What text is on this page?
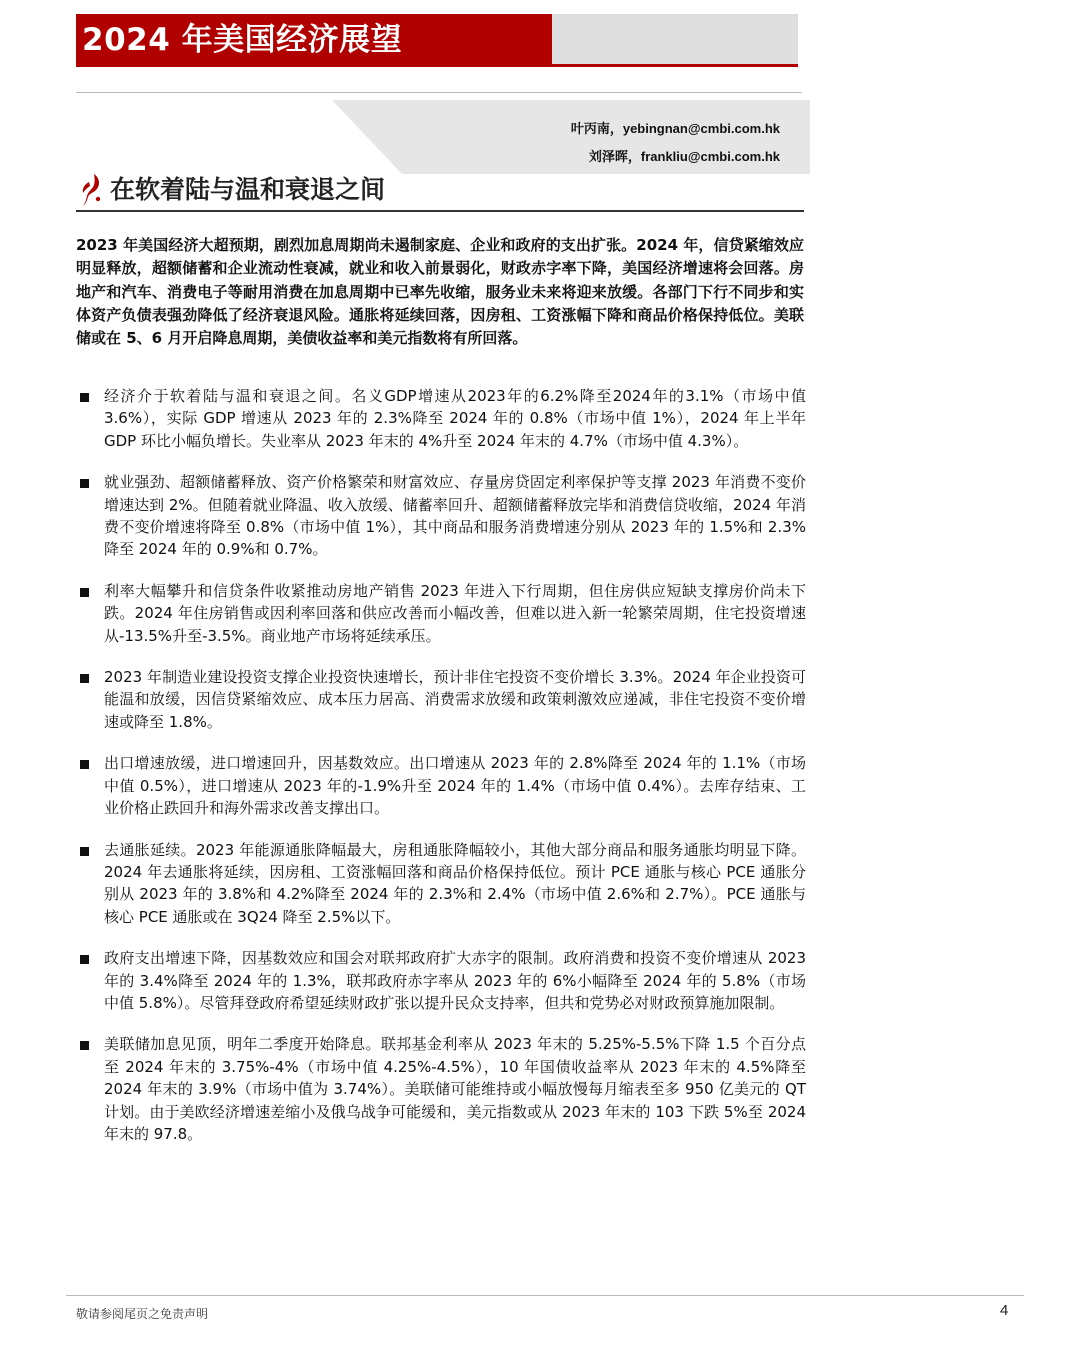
2024 年美国经济展望
叶丙南，yebingnan@cmbi.com.hk
刘泽晖，frankliu@cmbi.com.hk
在软着陆与温和衰退之间

2023 年美国经济大超预期，剧烈加息周期尚未遏制家庭、企业和政府的支出扩张。2024 年，信贷紧缩效应明显释放，超额储蓄和企业流动性衰减，就业和收入前景弱化，财政赤字率下降，美国经济增速将会回落。房地产和汽车、消费电子等耐用消费在加息周期中已率先收缩，服务业未来将迎来放缓。各部门下行不同步和实体资产负债表强劲降低了经济衰退风险。通胀将延续回落，因房租、工资涨幅下降和商品价格保持低位。美联储或在 5、6 月开启降息周期，美债收益率和美元指数将有所回落。

经济介于软着陆与温和衰退之间。名义GDP增速从2023年的6.2%降至2024年的3.1%（市场中值 3.6%），实际 GDP 增速从 2023 年的 2.3%降至 2024 年的 0.8%（市场中值 1%），2024 年上半年 GDP 环比小幅负增长。失业率从 2023 年末的 4%升至 2024 年末的 4.7%（市场中值 4.3%）。
就业强劲、超额储蓄释放、资产价格繁荣和财富效应、存量房贷固定利率保护等支撑 2023 年消费不变价增速达到 2%。但随着就业降温、收入放缓、储蓄率回升、超额储蓄释放完毕和消费信贷收缩，2024 年消费不变价增速将降至 0.8%（市场中值 1%），其中商品和服务消费增速分别从 2023 年的 1.5%和 2.3%降至 2024 年的 0.9%和 0.7%。
利率大幅攀升和信贷条件收紧推动房地产销售 2023 年进入下行周期，但住房供应短缺支撑房价尚未下跌。2024 年住房销售或因利率回落和供应改善而小幅改善，但难以进入新一轮繁荣周期，住宅投资增速从-13.5%升至-3.5%。商业地产市场将延续承压。
2023 年制造业建设投资支撑企业投资快速增长，预计非住宅投资不变价增长 3.3%。2024 年企业投资可能温和放缓，因信贷紧缩效应、成本压力居高、消费需求放缓和政策刺激效应递减，非住宅投资不变价增速或降至 1.8%。
出口增速放缓，进口增速回升，因基数效应。出口增速从 2023 年的 2.8%降至 2024 年的 1.1%（市场中值 0.5%），进口增速从 2023 年的-1.9%升至 2024 年的 1.4%（市场中值 0.4%）。去库存结束、工业价格止跌回升和海外需求改善支撑出口。
去通胀延续。2023 年能源通胀降幅最大，房租通胀降幅较小，其他大部分商品和服务通胀均明显下降。2024 年去通胀将延续，因房租、工资涨幅回落和商品价格保持低位。预计 PCE 通胀与核心 PCE 通胀分别从 2023 年的 3.8%和 4.2%降至 2024 年的 2.3%和 2.4%（市场中值 2.6%和 2.7%）。PCE 通胀与核心 PCE 通胀或在 3Q24 降至 2.5%以下。
政府支出增速下降，因基数效应和国会对联邦政府扩大赤字的限制。政府消费和投资不变价增速从 2023 年的 3.4%降至 2024 年的 1.3%，联邦政府赤字率从 2023 年的 6%小幅降至 2024 年的 5.8%（市场中值 5.8%）。尽管拜登政府希望延续财政扩张以提升民众支持率，但共和党势必对财政预算施加限制。
美联储加息见顶，明年二季度开始降息。联邦基金利率从 2023 年末的 5.25%-5.5%下降 1.5 个百分点至 2024 年末的 3.75%-4%（市场中值 4.25%-4.5%），10 年国债收益率从 2023 年末的 4.5%降至 2024 年末的 3.9%（市场中值为 3.74%）。美联储可能维持或小幅放慢每月缩表至多 950 亿美元的 QT 计划。由于美欧经济增速差缩小及俄乌战争可能缓和，美元指数或从 2023 年末的 103 下跌 5%至 2024 年末的 97.8。
敬请参阅尾页之免责声明	4
